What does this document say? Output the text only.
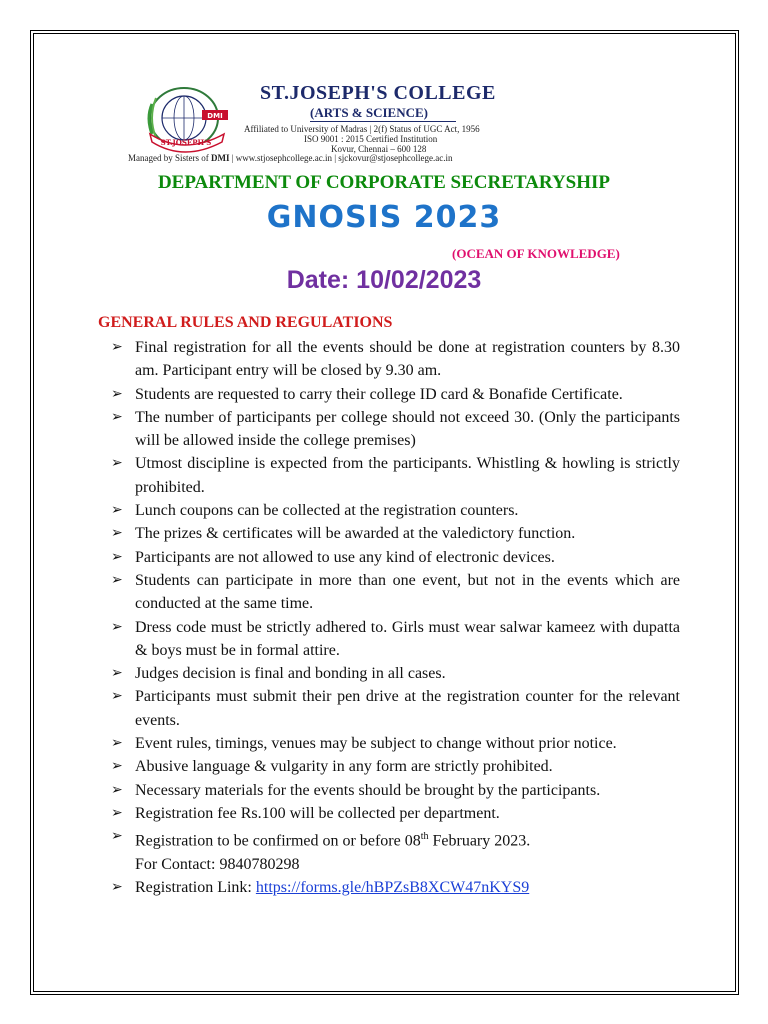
DMI
ST.JOSEPH'S
ST.JOSEPH'S COLLEGE
(ARTS & SCIENCE)
Affiliated to University of Madras | 2(f) Status of UGC Act, 1956
ISO 9001 : 2015 Certified Institution
Kovur, Chennai – 600 128
Managed by Sisters of DMI | www.stjosephcollege.ac.in | sjckovur@stjosephcollege.ac.in
DEPARTMENT OF CORPORATE SECRETARYSHIP
GNOSIS 2023
(OCEAN OF KNOWLEDGE)
Date: 10/02/2023
GENERAL RULES AND REGULATIONS
➢ Final registration for all the events should be done at registration counters by 8.30 am. Participant entry will be closed by 9.30 am.
➢ Students are requested to carry their college ID card & Bonafide Certificate.
➢ The number of participants per college should not exceed 30. (Only the participants will be allowed inside the college premises)
➢ Utmost discipline is expected from the participants. Whistling & howling is strictly prohibited.
➢ Lunch coupons can be collected at the registration counters.
➢ The prizes & certificates will be awarded at the valedictory function.
➢ Participants are not allowed to use any kind of electronic devices.
➢ Students can participate in more than one event, but not in the events which are conducted at the same time.
➢ Dress code must be strictly adhered to. Girls must wear salwar kameez with dupatta & boys must be in formal attire.
➢ Judges decision is final and bonding in all cases.
➢ Participants must submit their pen drive at the registration counter for the relevant events.
➢ Event rules, timings, venues may be subject to change without prior notice.
➢ Abusive language & vulgarity in any form are strictly prohibited.
➢ Necessary materials for the events should be brought by the participants.
➢ Registration fee Rs.100 will be collected per department.
➢ Registration to be confirmed on or before 08th February 2023.
For Contact: 9840780298
➢ Registration Link: https://forms.gle/hBPZsB8XCW47nKYS9
